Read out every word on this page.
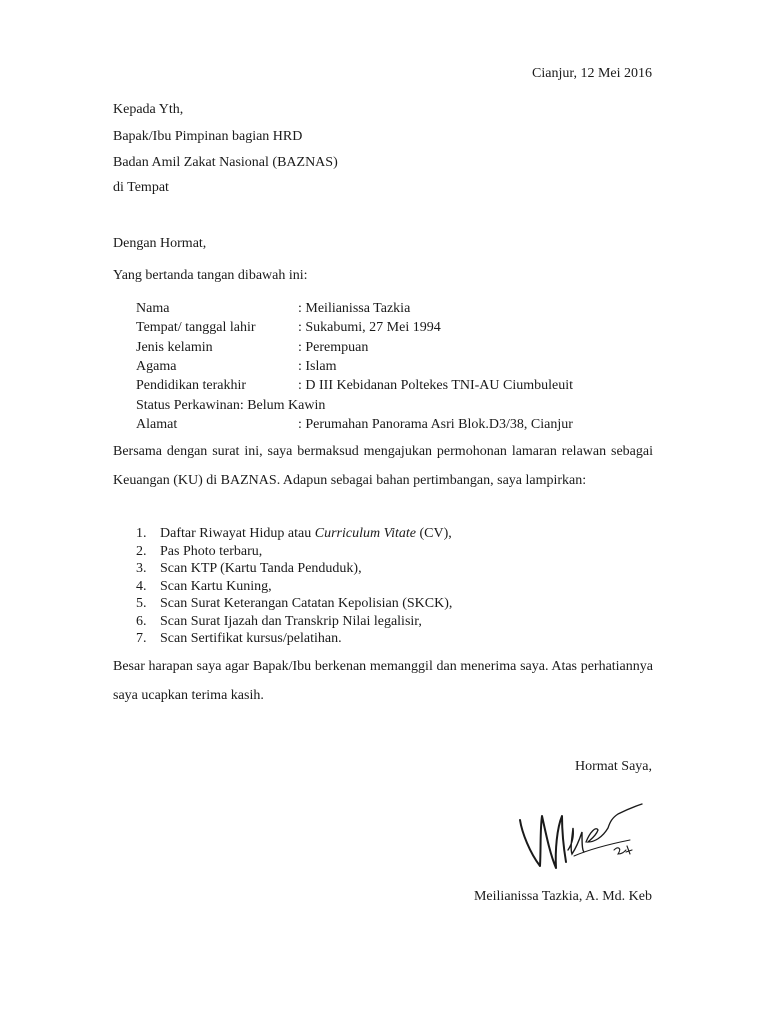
Cianjur, 12 Mei 2016
Kepada Yth,
Bapak/Ibu Pimpinan bagian HRD
Badan Amil Zakat Nasional (BAZNAS)
di Tempat
Dengan Hormat,
Yang bertanda tangan dibawah ini:
Nama	: Meilianissa Tazkia
Tempat/ tanggal lahir	: Sukabumi, 27 Mei 1994
Jenis kelamin	: Perempuan
Agama	: Islam
Pendidikan terakhir	: D III Kebidanan Poltekes TNI-AU Ciumbuleuit
Status Perkawinan: Belum Kawin
Alamat	: Perumahan Panorama Asri Blok.D3/38, Cianjur

Bersama dengan surat ini, saya bermaksud mengajukan permohonan lamaran relawan sebagai Keuangan (KU) di BAZNAS. Adapun sebagai bahan pertimbangan, saya lampirkan:

1. Daftar Riwayat Hidup atau Curriculum Vitate (CV),
2. Pas Photo terbaru,
3. Scan KTP (Kartu Tanda Penduduk),
4. Scan Kartu Kuning,
5. Scan Surat Keterangan Catatan Kepolisian (SKCK),
6. Scan Surat Ijazah dan Transkrip Nilai legalisir,
7. Scan Sertifikat kursus/pelatihan.

Besar harapan saya agar Bapak/Ibu berkenan memanggil dan menerima saya. Atas perhatiannya saya ucapkan terima kasih.

Hormat Saya,
Meilianissa Tazkia, A. Md. Keb
